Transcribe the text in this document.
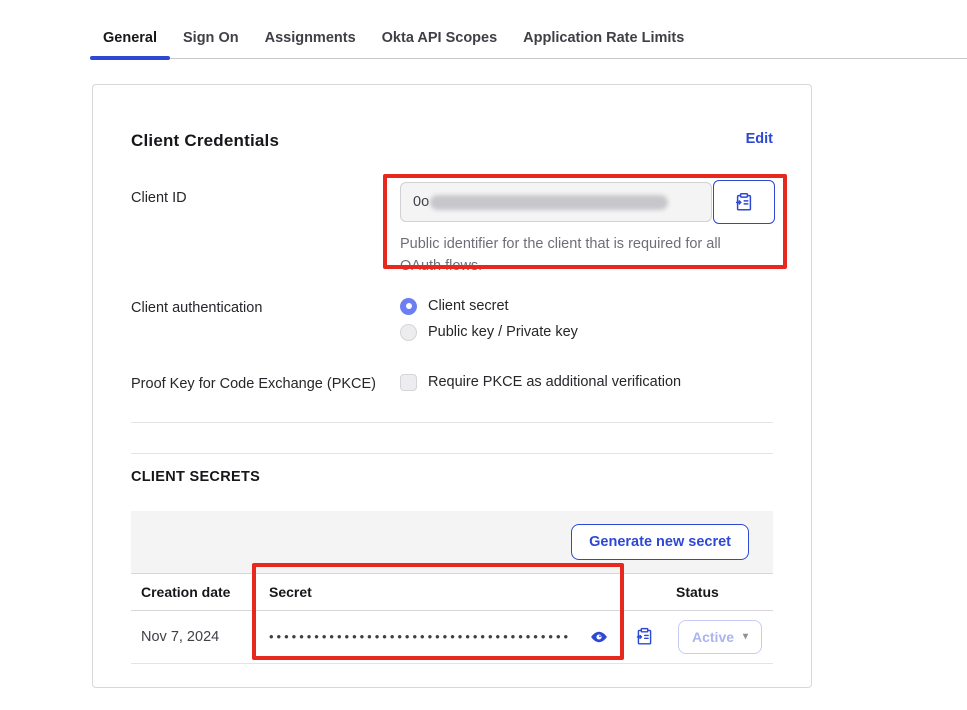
General	Sign On	Assignments	Okta API Scopes	Application Rate Limits
Client Credentials	Edit
Client ID	0o
Public identifier for the client that is required for all OAuth flows.
Client authentication	Client secret
Public key / Private key
Proof Key for Code Exchange (PKCE)	Require PKCE as additional verification
CLIENT SECRETS
Generate new secret
Creation date	Secret	Status
Nov 7, 2024	••••••••••••••••••••••••••••••••••••••••	Active ▾
